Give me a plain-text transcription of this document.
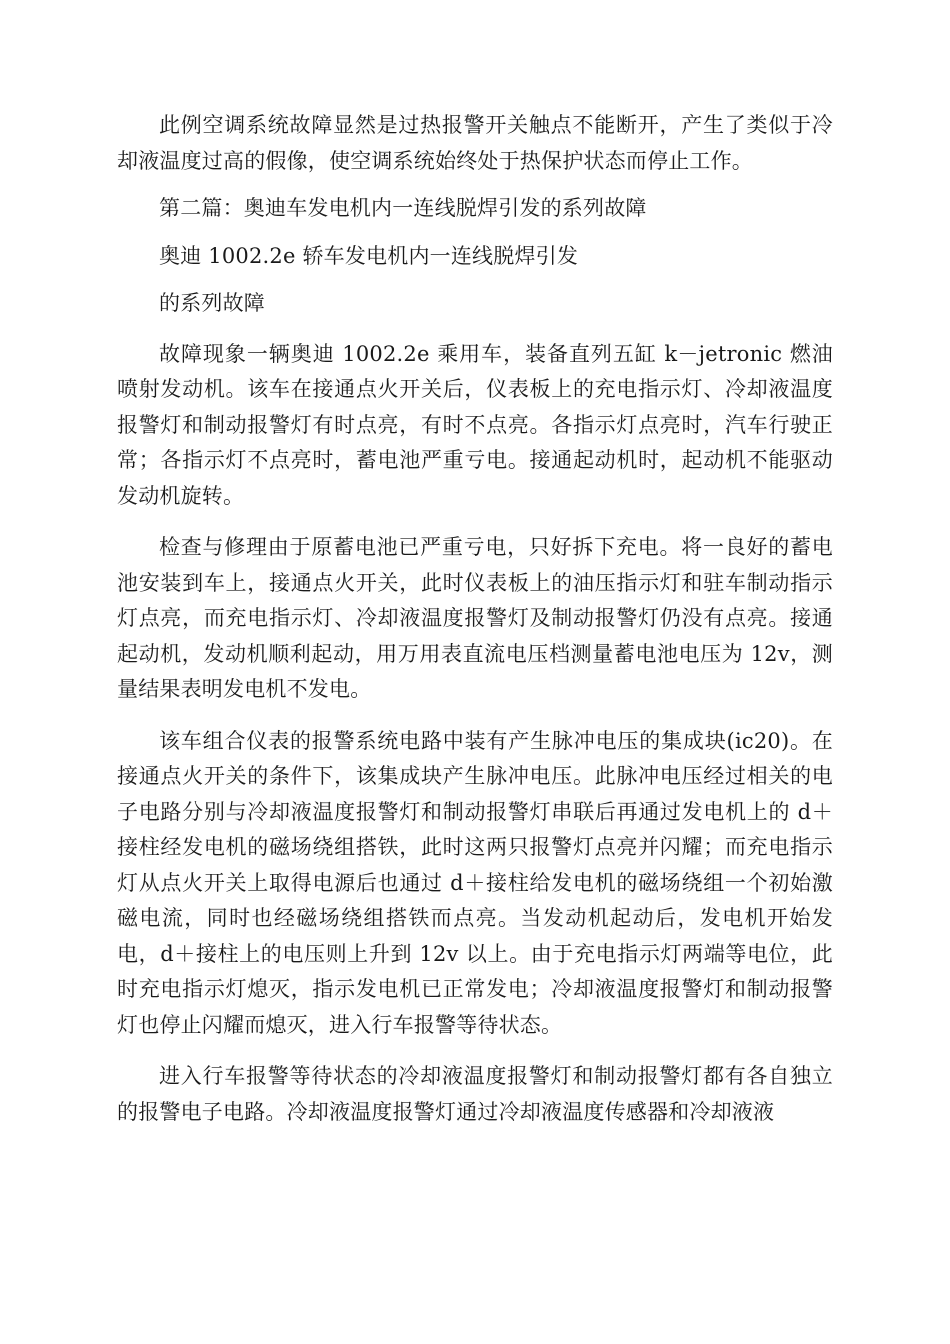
此例空调系统故障显然是过热报警开关触点不能断开，产生了类似于冷却液温度过高的假像，使空调系统始终处于热保护状态而停止工作。

第二篇：奥迪车发电机内一连线脱焊引发的系列故障

奥迪 1002.2e 轿车发电机内一连线脱焊引发

的系列故障

故障现象一辆奥迪 1002.2e 乘用车，装备直列五缸 k－jetronic 燃油喷射发动机。该车在接通点火开关后，仪表板上的充电指示灯、冷却液温度报警灯和制动报警灯有时点亮，有时不点亮。各指示灯点亮时，汽车行驶正常；各指示灯不点亮时，蓄电池严重亏电。接通起动机时，起动机不能驱动发动机旋转。

检查与修理由于原蓄电池已严重亏电，只好拆下充电。将一良好的蓄电池安装到车上，接通点火开关，此时仪表板上的油压指示灯和驻车制动指示灯点亮，而充电指示灯、冷却液温度报警灯及制动报警灯仍没有点亮。接通起动机，发动机顺利起动，用万用表直流电压档测量蓄电池电压为 12v，测量结果表明发电机不发电。

该车组合仪表的报警系统电路中装有产生脉冲电压的集成块(ic20)。在接通点火开关的条件下，该集成块产生脉冲电压。此脉冲电压经过相关的电子电路分别与冷却液温度报警灯和制动报警灯串联后再通过发电机上的 d＋接柱经发电机的磁场绕组搭铁，此时这两只报警灯点亮并闪耀；而充电指示灯从点火开关上取得电源后也通过 d＋接柱给发电机的磁场绕组一个初始激磁电流，同时也经磁场绕组搭铁而点亮。当发动机起动后，发电机开始发电，d＋接柱上的电压则上升到 12v 以上。由于充电指示灯两端等电位，此时充电指示灯熄灭，指示发电机已正常发电；冷却液温度报警灯和制动报警灯也停止闪耀而熄灭，进入行车报警等待状态。

进入行车报警等待状态的冷却液温度报警灯和制动报警灯都有各自独立的报警电子电路。冷却液温度报警灯通过冷却液温度传感器和冷却液液
